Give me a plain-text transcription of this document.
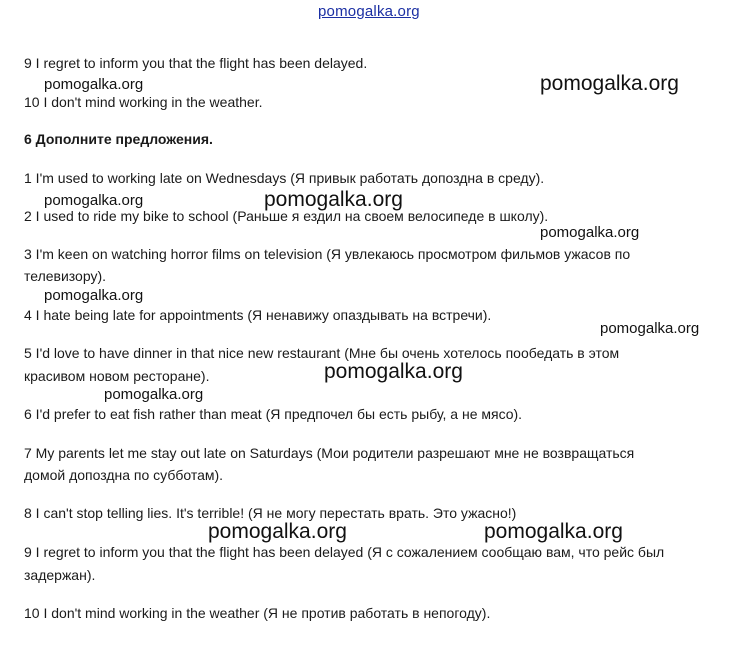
pomogalka.org
9 I regret to inform you that the flight has been delayed.
pomogalka.org	pomogalka.org
10 I don't mind working in the weather.
6 Дополните предложения.
1 I'm used to working late on Wednesdays (Я привык работать допоздна в среду).
pomogalka.org	pomogalka.org
2 I used to ride my bike to school (Раньше я ездил на своем велосипеде в школу).
pomogalka.org
3 I'm keen on watching horror films on television (Я увлекаюсь просмотром фильмов ужасов по
телевизору).
pomogalka.org
4 I hate being late for appointments (Я ненавижу опаздывать на встречи).
pomogalka.org
5 I'd love to have dinner in that nice new restaurant (Мне бы очень хотелось пообедать в этом
красивом новом ресторане).	pomogalka.org
pomogalka.org
6 I'd prefer to eat fish rather than meat (Я предпочел бы есть рыбу, а не мясо).
7 My parents let me stay out late on Saturdays (Мои родители разрешают мне не возвращаться
домой допоздна по субботам).
8 I can't stop telling lies. It's terrible! (Я не могу перестать врать. Это ужасно!)
pomogalka.org	pomogalka.org
9 I regret to inform you that the flight has been delayed (Я с сожалением сообщаю вам, что рейс был
задержан).
10 I don't mind working in the weather (Я не против работать в непогоду).
